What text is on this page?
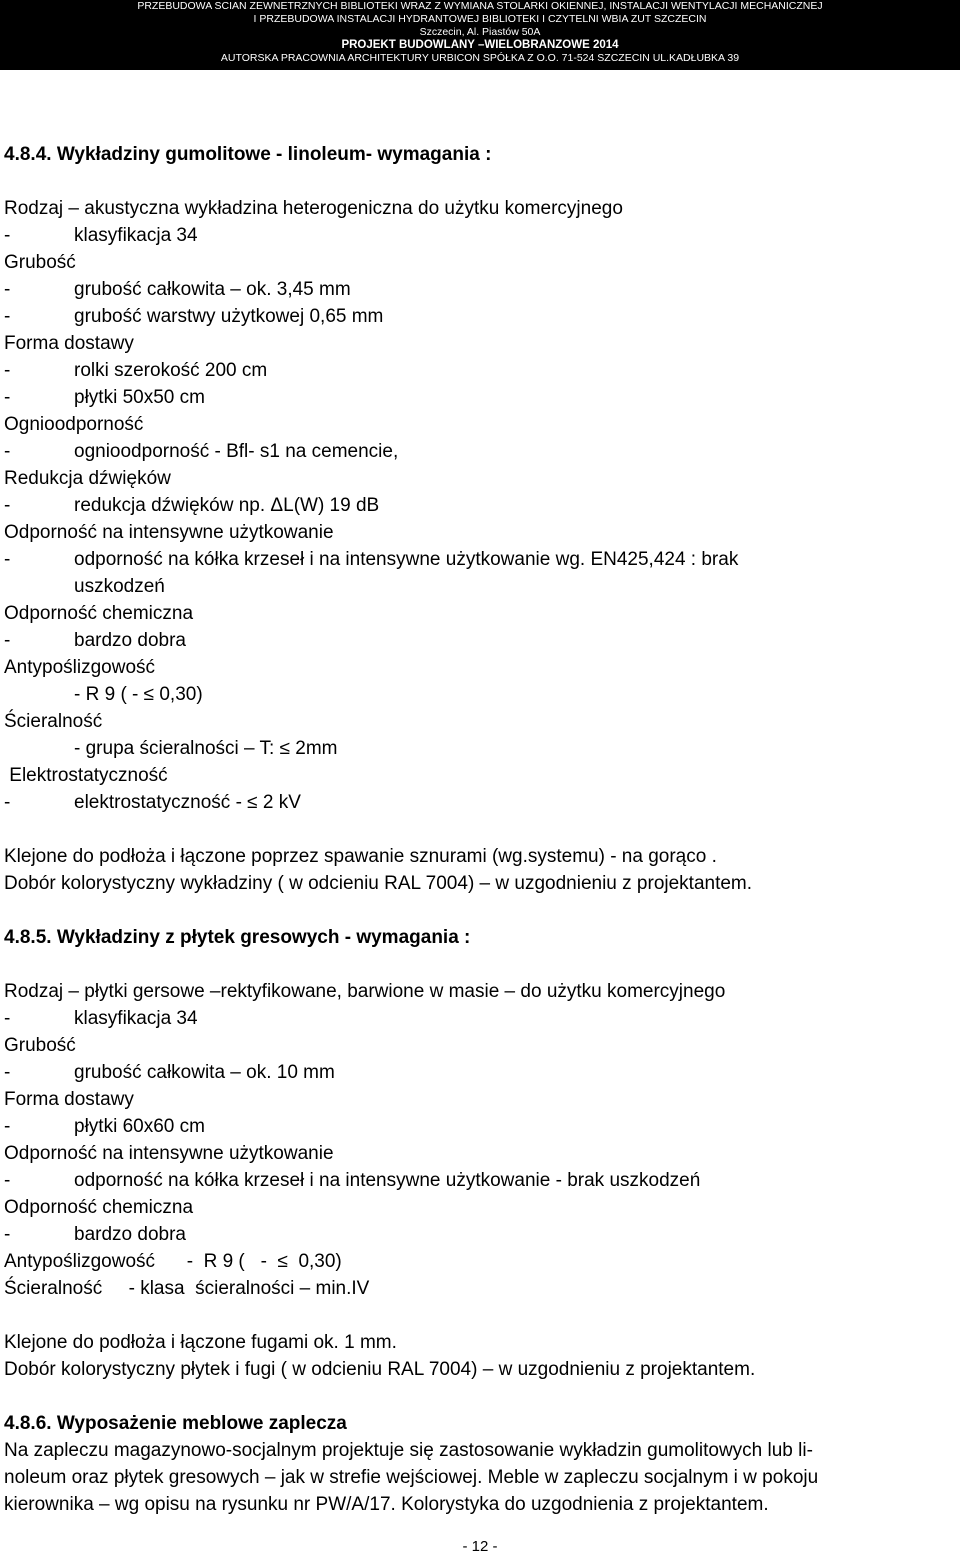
PRZEBUDOWA SCIAN ZEWNETRZNYCH BIBLIOTEKI WRAZ Z WYMIANA STOLARKI OKIENNEJ, INSTALACJI WENTYLACJI MECHANICZNEJ
I PRZEBUDOWA INSTALACJI HYDRANTOWEJ BIBLIOTEKI I CZYTELNI WBIA ZUT SZCZECIN
Szczecin, Al. Piastów 50A
PROJEKT BUDOWLANY –WIELOBRANZOWE 2014
AUTORSKA PRACOWNIA ARCHITEKTURY URBICON SPÓŁKA Z O.O. 71-524 SZCZECIN UL.KADŁUBKA 39
4.8.4. Wykładziny gumolitowe - linoleum- wymagania :
Rodzaj – akustyczna wykładzina heterogeniczna do użytku komercyjnego
-	klasyfikacja 34
Grubość
-	grubość całkowita – ok. 3,45 mm
-	grubość warstwy użytkowej 0,65 mm
Forma dostawy
-	rolki szerokość 200 cm
-	płytki 50x50 cm
Ognioodporność
-	ognioodporność - Bfl- s1 na cemencie,
Redukcja dźwięków
-	redukcja dźwięków np. ΔL(W) 19 dB
Odporność na intensywne użytkowanie
-	odporność na kółka krzeseł i na intensywne użytkowanie wg. EN425,424 : brak
uszkodzeń
Odporność chemiczna
-	bardzo dobra
Antypoślizgowość
- R 9 ( - ≤ 0,30)
Ścieralność
- grupa ścieralności – T: ≤ 2mm
Elektrostatyczność
-	elektrostatyczność - ≤ 2 kV
Klejone do podłoża i łączone poprzez spawanie sznurami (wg.systemu) - na gorąco .
Dobór kolorystyczny wykładziny ( w odcieniu RAL 7004) – w uzgodnieniu z projektantem.
4.8.5. Wykładziny z płytek gresowych - wymagania :
Rodzaj – płytki gersowe –rektyfikowane, barwione w masie – do użytku komercyjnego
-	klasyfikacja 34
Grubość
-	grubość całkowita – ok. 10 mm
Forma dostawy
-	płytki 60x60 cm
Odporność na intensywne użytkowanie
-	odporność na kółka krzeseł i na intensywne użytkowanie - brak uszkodzeń
Odporność chemiczna
-	bardzo dobra
Antypoślizgowość      -  R 9 (   -  ≤  0,30)
Ścieralność     - klasa  ścieralności – min.IV
Klejone do podłoża i łączone fugami ok. 1 mm.
Dobór kolorystyczny płytek i fugi ( w odcieniu RAL 7004) – w uzgodnieniu z projektantem.
4.8.6. Wyposażenie meblowe zaplecza
Na zapleczu magazynowo-socjalnym projektuje się zastosowanie wykładzin gumolitowych lub li-
noleum oraz płytek gresowych – jak w strefie wejściowej. Meble w zapleczu socjalnym i w pokoju
kierownika – wg opisu na rysunku nr PW/A/17. Kolorystyka do uzgodnienia z projektantem.
- 12 -
